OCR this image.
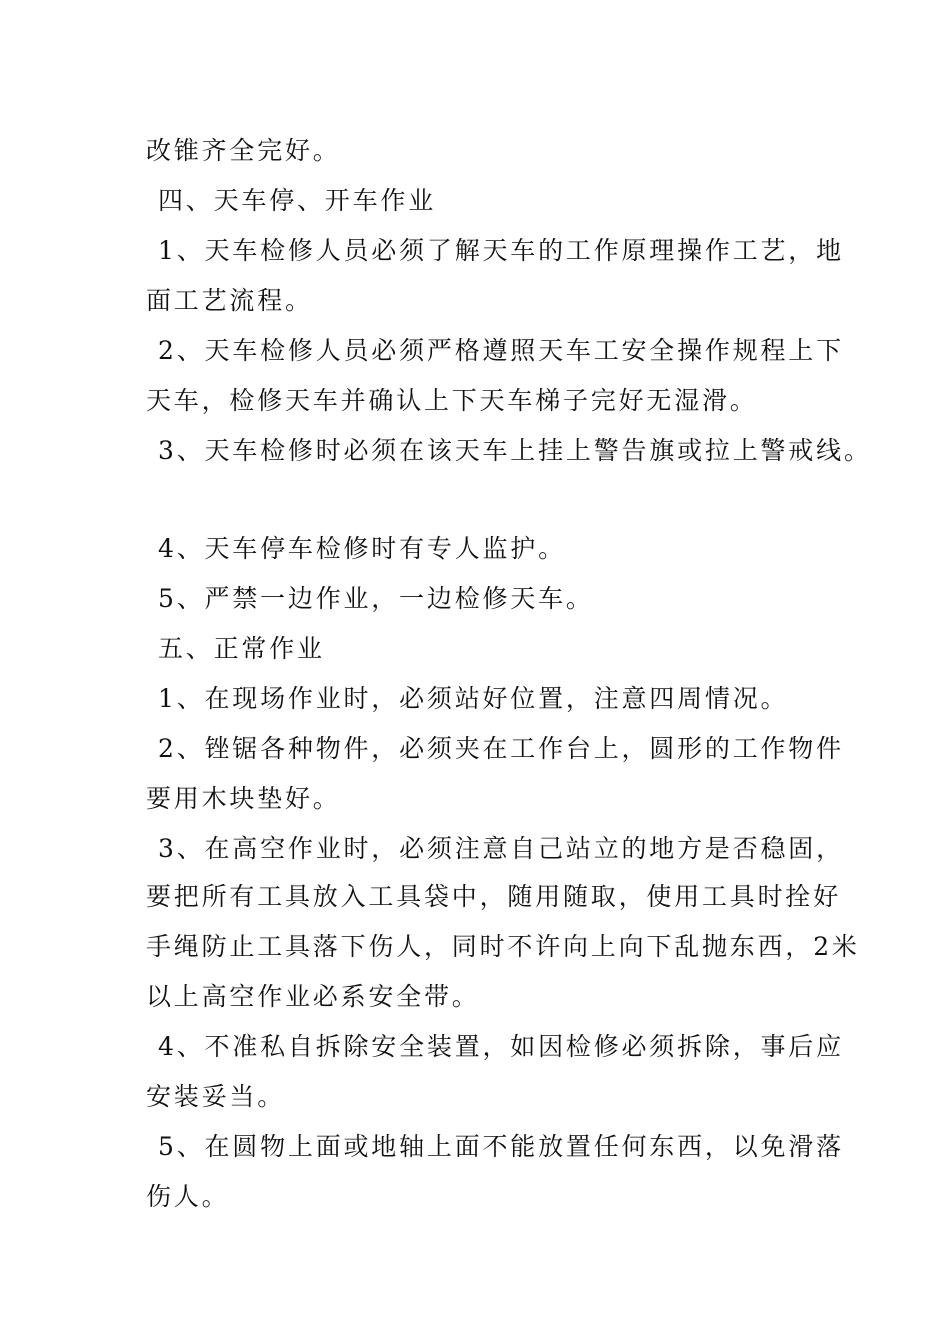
改锥齐全完好。
四、天车停、开车作业
1、天车检修人员必须了解天车的工作原理操作工艺，地
面工艺流程。
2、天车检修人员必须严格遵照天车工安全操作规程上下
天车，检修天车并确认上下天车梯子完好无湿滑。
3、天车检修时必须在该天车上挂上警告旗或拉上警戒线。
4、天车停车检修时有专人监护。
5、严禁一边作业，一边检修天车。
五、正常作业
1、在现场作业时，必须站好位置，注意四周情况。
2、锉锯各种物件，必须夹在工作台上，圆形的工作物件
要用木块垫好。
3、在高空作业时，必须注意自己站立的地方是否稳固，
要把所有工具放入工具袋中，随用随取，使用工具时拴好
手绳防止工具落下伤人，同时不许向上向下乱抛东西，2米
以上高空作业必系安全带。
4、不准私自拆除安全装置，如因检修必须拆除，事后应
安装妥当。
5、在圆物上面或地轴上面不能放置任何东西，以免滑落
伤人。
